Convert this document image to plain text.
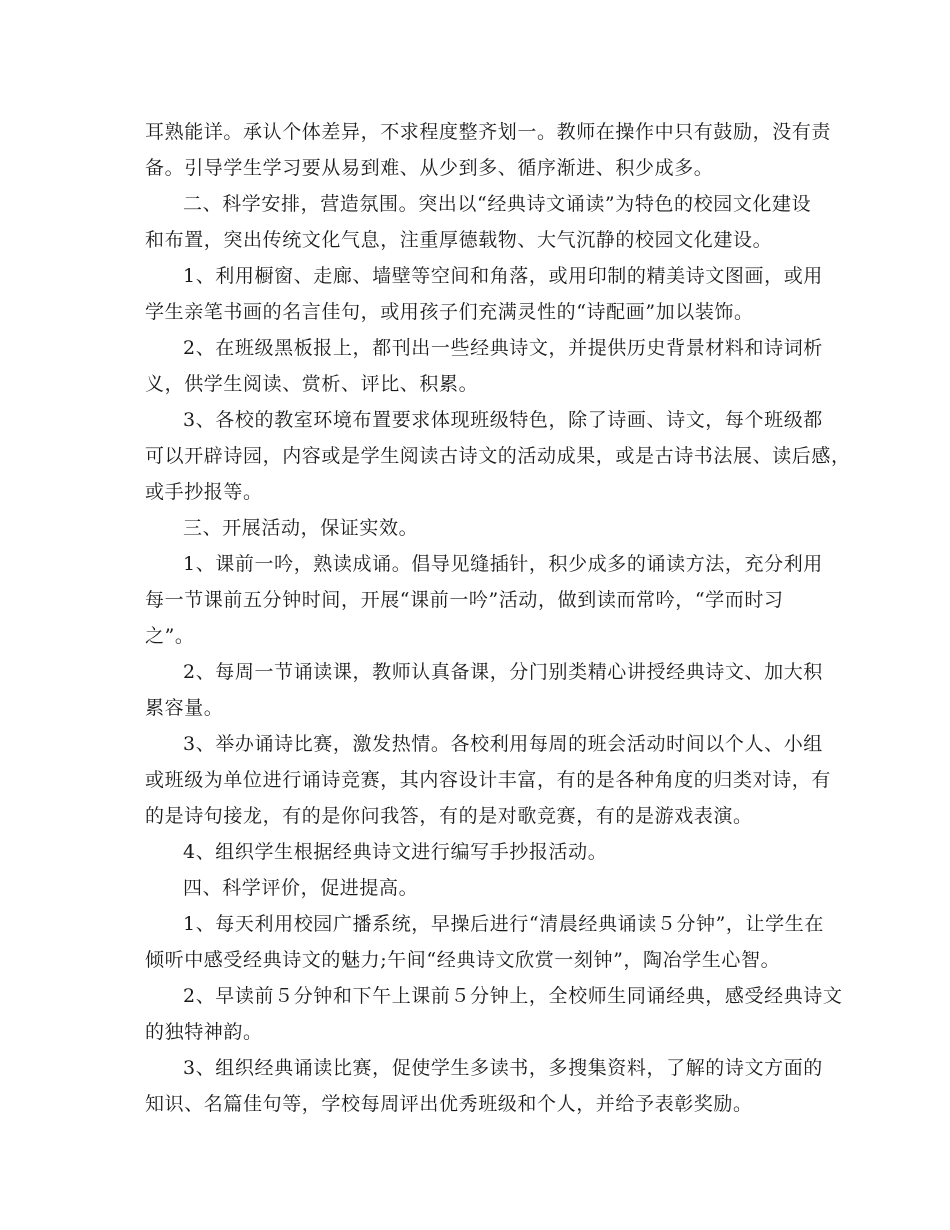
耳熟能详。承认个体差异，不求程度整齐划一。教师在操作中只有鼓励，没有责
备。引导学生学习要从易到难、从少到多、循序渐进、积少成多。
二、科学安排，营造氛围。突出以“经典诗文诵读”为特色的校园文化建设
和布置，突出传统文化气息，注重厚德载物、大气沉静的校园文化建设。
1、利用橱窗、走廊、墙壁等空间和角落，或用印制的精美诗文图画，或用
学生亲笔书画的名言佳句，或用孩子们充满灵性的“诗配画”加以装饰。
2、在班级黑板报上，都刊出一些经典诗文，并提供历史背景材料和诗词析
义，供学生阅读、赏析、评比、积累。
3、各校的教室环境布置要求体现班级特色，除了诗画、诗文，每个班级都
可以开辟诗园，内容或是学生阅读古诗文的活动成果，或是古诗书法展、读后感，
或手抄报等。
三、开展活动，保证实效。
1、课前一吟，熟读成诵。倡导见缝插针，积少成多的诵读方法，充分利用
每一节课前五分钟时间，开展“课前一吟”活动，做到读而常吟，“学而时习
之”。
2、每周一节诵读课，教师认真备课，分门别类精心讲授经典诗文、加大积
累容量。
3、举办诵诗比赛，激发热情。各校利用每周的班会活动时间以个人、小组
或班级为单位进行诵诗竞赛，其内容设计丰富，有的是各种角度的归类对诗，有
的是诗句接龙，有的是你问我答，有的是对歌竞赛，有的是游戏表演。
4、组织学生根据经典诗文进行编写手抄报活动。
四、科学评价，促进提高。
1、每天利用校园广播系统，早操后进行“清晨经典诵读５分钟”，让学生在
倾听中感受经典诗文的魅力;午间“经典诗文欣赏一刻钟”，陶冶学生心智。
2、早读前５分钟和下午上课前５分钟上，全校师生同诵经典，感受经典诗文
的独特神韵。
3、组织经典诵读比赛，促使学生多读书，多搜集资料，了解的诗文方面的
知识、名篇佳句等，学校每周评出优秀班级和个人，并给予表彰奖励。
